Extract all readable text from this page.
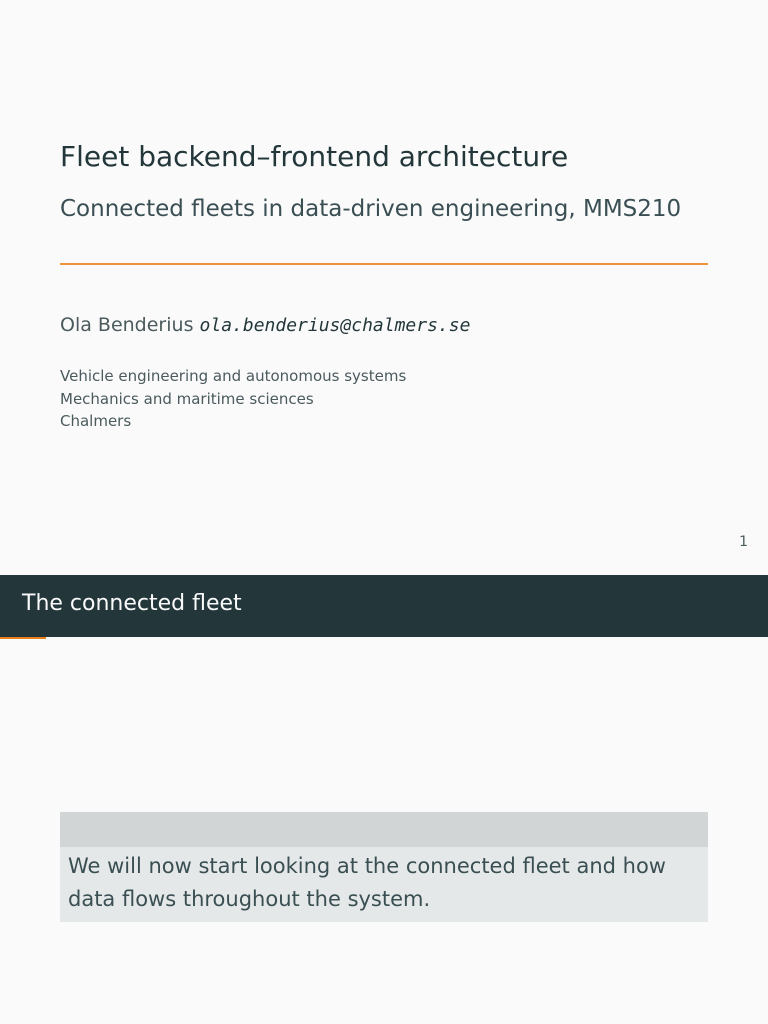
Fleet backend–frontend architecture
Connected fleets in data-driven engineering, MMS210
Ola Benderius ola.benderius@chalmers.se
Vehicle engineering and autonomous systems
Mechanics and maritime sciences
Chalmers
1
The connected fleet
We will now start looking at the connected fleet and how data flows throughout the system.
